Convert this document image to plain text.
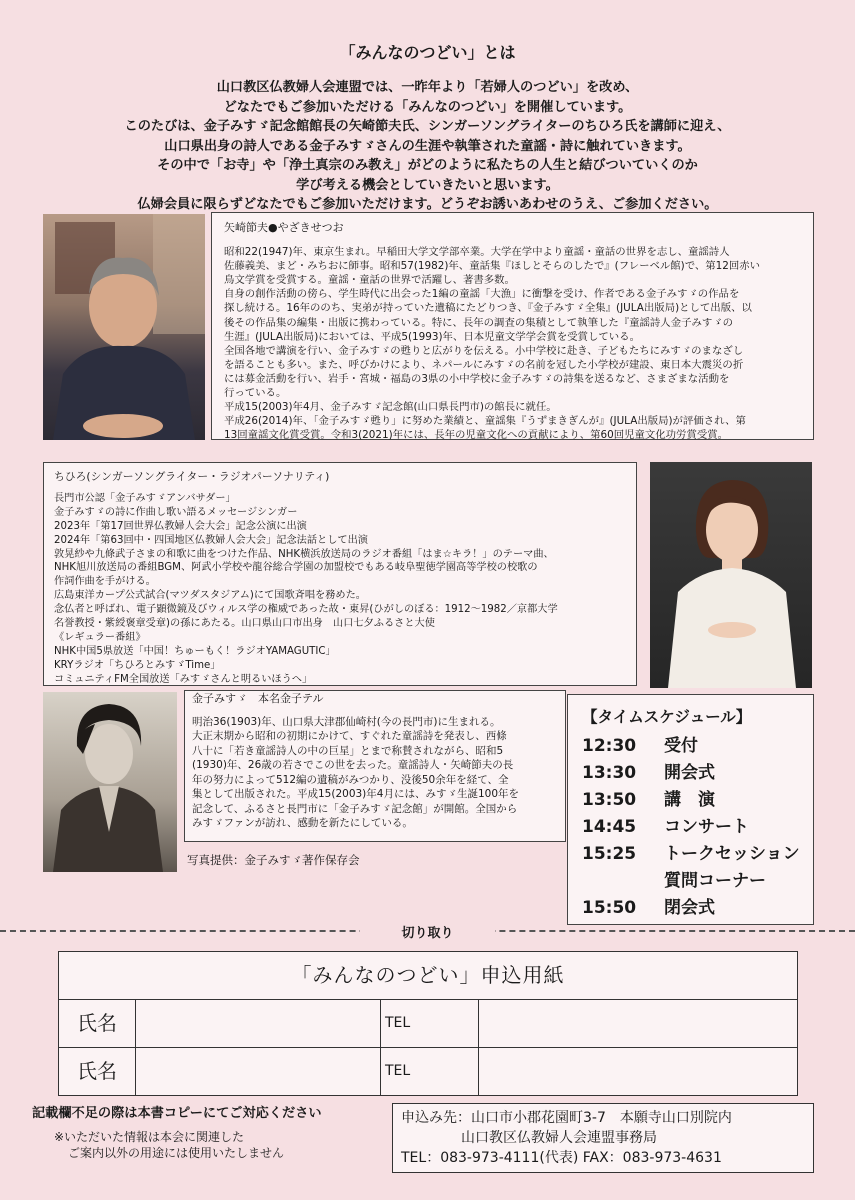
「みんなのつどい」とは
山口教区仏教婦人会連盟では、一昨年より「若婦人のつどい」を改め、
どなたでもご参加いただける「みんなのつどい」を開催しています。
このたびは、金子みすゞ記念館館長の矢崎節夫氏、シンガーソングライターのちひろ氏を講師に迎え、
山口県出身の詩人である金子みすゞさんの生涯や執筆された童謡・詩に触れていきます。
その中で「お寺」や「浄土真宗のみ教え」がどのように私たちの人生と結びついていくのか
学び考える機会としていきたいと思います。
仏婦会員に限らずどなたでもご参加いただけます。どうぞお誘いあわせのうえ、ご参加ください。
矢崎節夫●やざきせつお
昭和22(1947)年、東京生まれ。早稲田大学文学部卒業。大学在学中より童謡・童話の世界を志し、童謡詩人
佐藤義美、まど・みちおに師事。昭和57(1982)年、童話集『ほしとそらのしたで』(フレーベル館)で、第12回赤い
鳥文学賞を受賞する。童謡・童話の世界で活躍し、著書多数。
自身の創作活動の傍ら、学生時代に出会った1編の童謡「大漁」に衝撃を受け、作者である金子みすゞの作品を
探し続ける。16年ののち、実弟が持っていた遺稿にたどりつき、『金子みすゞ全集』(JULA出版局)として出版、以
後その作品集の編集・出版に携わっている。特に、長年の調査の集積として執筆した『童謡詩人金子みすゞの
生涯』(JULA出版局)においては、平成5(1993)年、日本児童文学学会賞を受賞している。
全国各地で講演を行い、金子みすゞの甦りと広がりを伝える。小中学校に赴き、子どもたちにみすゞのまなざし
を語ることも多い。また、呼びかけにより、ネパールにみすゞの名前を冠した小学校が建設、東日本大震災の折
には募金活動を行い、岩手・宮城・福島の3県の小中学校に金子みすゞの詩集を送るなど、さまざまな活動を
行っている。
平成15(2003)年4月、金子みすゞ記念館(山口県長門市)の館長に就任。
平成26(2014)年、「金子みすゞ甦り」に努めた業績と、童謡集『うずまきぎんが』(JULA出版局)が評価され、第
13回童謡文化賞受賞。令和3(2021)年には、長年の児童文化への貢献により、第60回児童文化功労賞受賞。
ちひろ(シンガーソングライター・ラジオパーソナリティ)
長門市公認「金子みすゞアンバサダー」
金子みすゞの詩に作曲し歌い語るメッセージシンガー
2023年「第17回世界仏教婦人会大会」記念公演に出演
2024年「第63回中・四国地区仏教婦人会大会」記念法話として出演
敦晃紗や九條武子さまの和歌に曲をつけた作品、NHK横浜放送局のラジオ番組「はま☆キラ！」のテーマ曲、
NHK旭川放送局の番組BGM、阿武小学校や龍谷総合学園の加盟校でもある岐阜聖徳学園高等学校の校歌の
作詞作曲を手がける。
広島東洋カープ公式試合(マツダスタジアム)にて国歌斉唱を務めた。
念仏者と呼ばれ、電子顕微鏡及びウィルス学の権威であった故・東昇(ひがしのぼる：1912～1982／京都大学
名誉教授・紫綬褒章受章)の孫にあたる。山口県山口市出身　山口七夕ふるさと大使
《レギュラー番組》
NHK中国5県放送「中国！ちゅーもく！ラジオYAMAGUTIC」
KRYラジオ「ちひろとみすゞTime」
コミュニティFM全国放送「みすゞさんと明るいほうへ」
金子みすゞ　本名金子テル
明治36(1903)年、山口県大津郡仙崎村(今の長門市)に生まれる。
大正末期から昭和の初期にかけて、すぐれた童謡詩を発表し、西條
八十に「若き童謡詩人の中の巨星」とまで称賛されながら、昭和5
(1930)年、26歳の若さでこの世を去った。童謡詩人・矢崎節夫の長
年の努力によって512編の遺稿がみつかり、没後50余年を経て、全
集として出版された。平成15(2003)年4月には、みすゞ生誕100年を
記念して、ふるさと長門市に「金子みすゞ記念館」が開館。全国から
みすゞファンが訪れ、感動を新たにしている。
写真提供：金子みすゞ著作保存会
【タイムスケジュール】
12:30 受付
13:30 開会式
13:50 講　演
14:45 コンサート
15:25 トークセッション
質問コーナー
15:50 閉会式
切り取り
「みんなのつどい」申込用紙
氏名	TEL
氏名	TEL
記載欄不足の際は本書コピーにてご対応ください
※いただいた情報は本会に関連した
ご案内以外の用途には使用いたしません
申込み先：山口市小郡花園町3-7　本願寺山口別院内
山口教区仏教婦人会連盟事務局
TEL：083-973-4111(代表) FAX：083-973-4631
